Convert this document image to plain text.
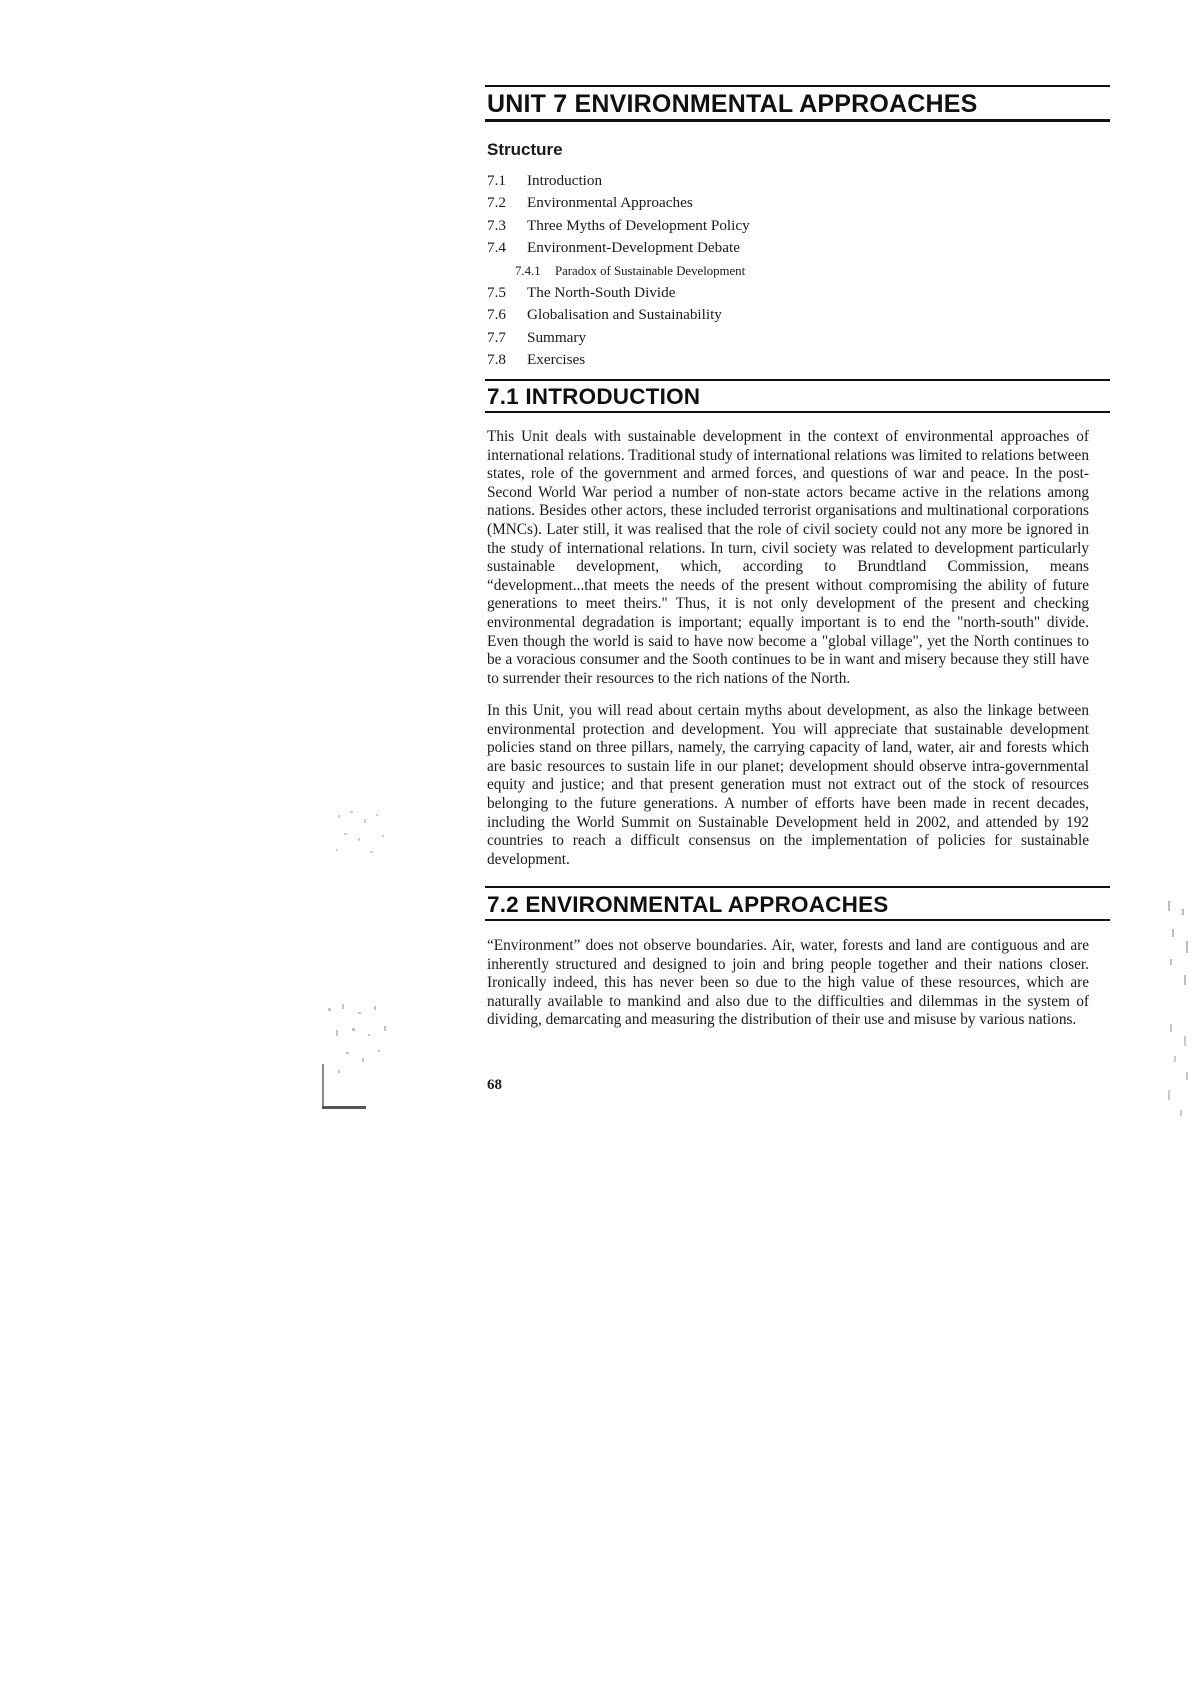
UNIT 7 ENVIRONMENTAL APPROACHES
Structure
7.1	Introduction
7.2	Environmental Approaches
7.3	Three Myths of Development Policy
7.4	Environment-Development Debate
7.4.1	Paradox of Sustainable Development
7.5	The North-South Divide
7.6	Globalisation and Sustainability
7.7	Summary
7.8	Exercises
7.1 INTRODUCTION

This Unit deals with sustainable development in the context of environmental approaches of international relations. Traditional study of international relations was limited to relations between states, role of the government and armed forces, and questions of war and peace. In the post-Second World War period a number of non-state actors became active in the relations among nations. Besides other actors, these included terrorist organisations and multinational corporations (MNCs). Later still, it was realised that the role of civil society could not any more be ignored in the study of international relations. In turn, civil society was related to development particularly sustainable development, which, according to Brundtland Commission, means “development...that meets the needs of the present without compromising the ability of future generations to meet theirs." Thus, it is not only development of the present and checking environmental degradation is important; equally important is to end the "north-south" divide. Even though the world is said to have now become a "global village", yet the North continues to be a voracious consumer and the Sooth continues to be in want and misery because they still have to surrender their resources to the rich nations of the North.

In this Unit, you will read about certain myths about development, as also the linkage between environmental protection and development. You will appreciate that sustainable development policies stand on three pillars, namely, the carrying capacity of land, water, air and forests which are basic resources to sustain life in our planet; development should observe intra-governmental equity and justice; and that present generation must not extract out of the stock of resources belonging to the future generations. A number of efforts have been made in recent decades, including the World Summit on Sustainable Development held in 2002, and attended by 192 countries to reach a difficult consensus on the implementation of policies for sustainable development.

7.2 ENVIRONMENTAL APPROACHES

“Environment” does not observe boundaries. Air, water, forests and land are contiguous and are inherently structured and designed to join and bring people together and their nations closer. Ironically indeed, this has never been so due to the high value of these resources, which are naturally available to mankind and also due to the difficulties and dilemmas in the system of dividing, demarcating and measuring the distribution of their use and misuse by various nations.

68
